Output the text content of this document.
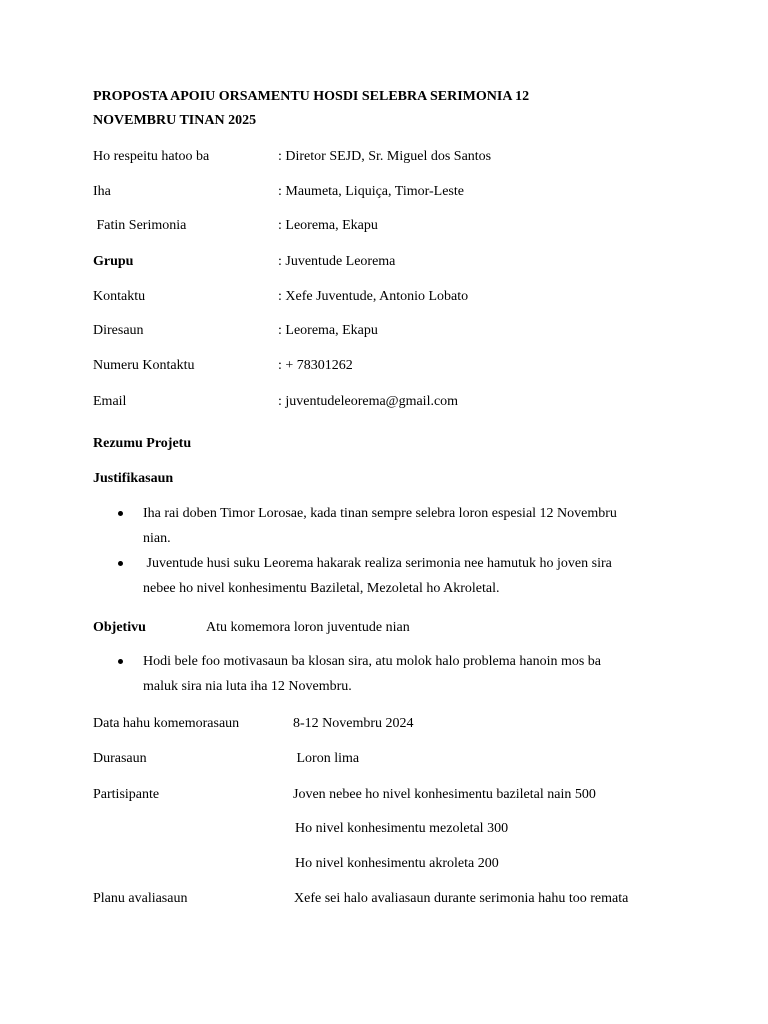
PROPOSTA APOIU ORSAMENTU HOSDI SELEBRA SERIMONIA 12
NOVEMBRU TINAN 2025
Ho respeitu hatoo ba	: Diretor SEJD, Sr. Miguel dos Santos
Iha	: Maumeta, Liquiça, Timor-Leste
Fatin Serimonia	: Leorema, Ekapu
Grupu	: Juventude Leorema
Kontaktu	: Xefe Juventude, Antonio Lobato
Diresaun	: Leorema, Ekapu
Numeru Kontaktu	: + 78301262
Email	: juventudeleorema@gmail.com
Rezumu Projetu
Justifikasaun
Iha rai doben Timor Lorosae, kada tinan sempre selebra loron espesial 12 Novembru
nian.
Juventude husi suku Leorema hakarak realiza serimonia nee hamutuk ho joven sira
nebee ho nivel konhesimentu Baziletal, Mezoletal ho Akroletal.
Objetivu	Atu komemora loron juventude nian
Hodi bele foo motivasaun ba klosan sira, atu molok halo problema hanoin mos ba
maluk sira nia luta iha 12 Novembru.
Data hahu komemorasaun	8-12 Novembru 2024
Durasaun	Loron lima
Partisipante	Joven nebee ho nivel konhesimentu baziletal nain 500
Ho nivel konhesimentu mezoletal 300
Ho nivel konhesimentu akroleta 200
Planu avaliasaun	Xefe sei halo avaliasaun durante serimonia hahu too remata
